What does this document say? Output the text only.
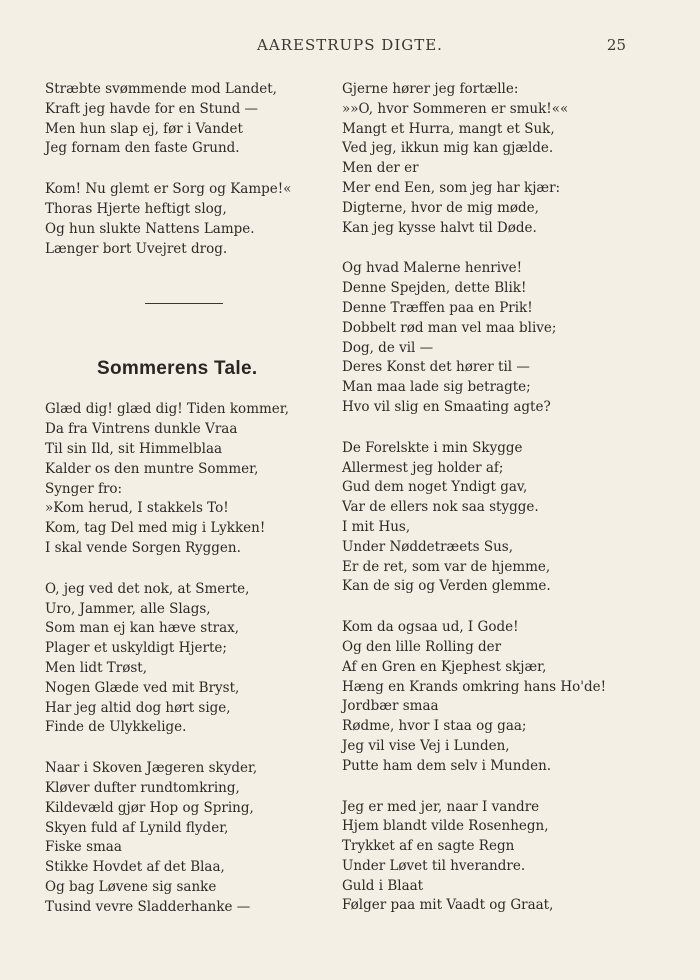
AARESTRUPS DIGTE.	25
Stræbte svømmende mod Landet,
Kraft jeg havde for en Stund —
Men hun slap ej, før i Vandet
Jeg fornam den faste Grund.
Kom! Nu glemt er Sorg og Kampe!«
Thoras Hjerte heftigt slog,
Og hun slukte Nattens Lampe.
Længer bort Uvejret drog.
Sommerens Tale.
Glæd dig! glæd dig! Tiden kommer,
Da fra Vintrens dunkle Vraa
Til sin Ild, sit Himmelblaa
Kalder os den muntre Sommer,
Synger fro:
»Kom herud, I stakkels To!
Kom, tag Del med mig i Lykken!
I skal vende Sorgen Ryggen.
O, jeg ved det nok, at Smerte,
Uro, Jammer, alle Slags,
Som man ej kan hæve strax,
Plager et uskyldigt Hjerte;
Men lidt Trøst,
Nogen Glæde ved mit Bryst,
Har jeg altid dog hørt sige,
Finde de Ulykkelige.
Naar i Skoven Jægeren skyder,
Kløver dufter rundtomkring,
Kildevæld gjør Hop og Spring,
Skyen fuld af Lynild flyder,
Fiske smaa
Stikke Hovdet af det Blaa,
Og bag Løvene sig sanke
Tusind vevre Sladderhanke —
Gjerne hører jeg fortælle:
»»O, hvor Sommeren er smuk!««
Mangt et Hurra, mangt et Suk,
Ved jeg, ikkun mig kan gjælde.
Men der er
Mer end Een, som jeg har kjær:
Digterne, hvor de mig møde,
Kan jeg kysse halvt til Døde.
Og hvad Malerne henrive!
Denne Spejden, dette Blik!
Denne Træffen paa en Prik!
Dobbelt rød man vel maa blive;
Dog, de vil —
Deres Konst det hører til —
Man maa lade sig betragte;
Hvo vil slig en Smaating agte?
De Forelskte i min Skygge
Allermest jeg holder af;
Gud dem noget Yndigt gav,
Var de ellers nok saa stygge.
I mit Hus,
Under Nøddetræets Sus,
Er de ret, som var de hjemme,
Kan de sig og Verden glemme.
Kom da ogsaa ud, I Gode!
Og den lille Rolling der
Af en Gren en Kjephest skjær,
Hæng en Krands omkring hans Ho'de!
Jordbær smaa
Rødme, hvor I staa og gaa;
Jeg vil vise Vej i Lunden,
Putte ham dem selv i Munden.
Jeg er med jer, naar I vandre
Hjem blandt vilde Rosenhegn,
Trykket af en sagte Regn
Under Løvet til hverandre.
Guld i Blaat
Følger paa mit Vaadt og Graat,
